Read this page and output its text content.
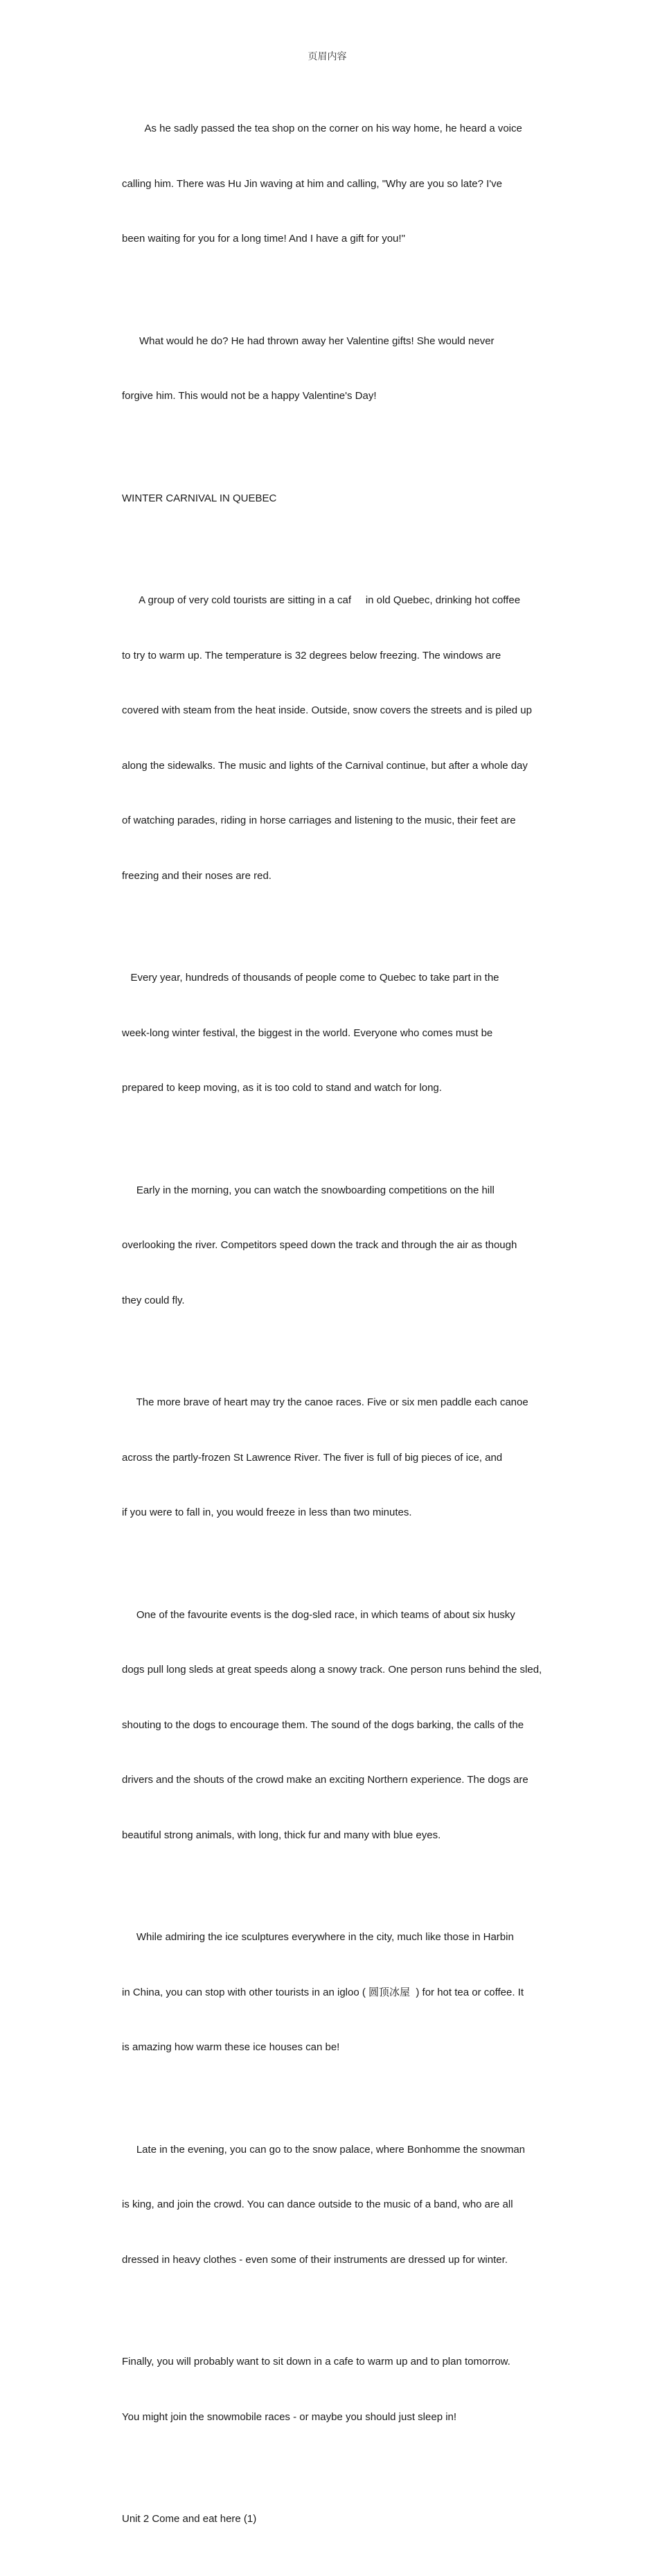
页眉内容

As he sadly passed the tea shop on the corner on his way home, he heard a voice

calling him. There was Hu Jin waving at him and calling, "Why are you so late? I've

been waiting for you for a long time! And I have a gift for you!"

What would he do? He had thrown away her Valentine gifts! She would never

forgive him. This would not be a happy Valentine's Day!

WINTER CARNIVAL IN QUEBEC

A group of very cold tourists are sitting in a caf     in old Quebec, drinking hot coffee

to try to warm up. The temperature is 32 degrees below freezing. The windows are

covered with steam from the heat inside. Outside, snow covers the streets and is piled up

along the sidewalks. The music and lights of the Carnival continue, but after a whole day

of watching parades, riding in horse carriages and listening to the music, their feet are

freezing and their noses are red.

Every year, hundreds of thousands of people come to Quebec to take part in the

week-long winter festival, the biggest in the world. Everyone who comes must be

prepared to keep moving, as it is too cold to stand and watch for long.

Early in the morning, you can watch the snowboarding competitions on the hill

overlooking the river. Competitors speed down the track and through the air as though

they could fly.

The more brave of heart may try the canoe races. Five or six men paddle each canoe

across the partly-frozen St Lawrence River. The fiver is full of big pieces of ice, and

if you were to fall in, you would freeze in less than two minutes.

One of the favourite events is the dog-sled race, in which teams of about six husky

dogs pull long sleds at great speeds along a snowy track. One person runs behind the sled,

shouting to the dogs to encourage them. The sound of the dogs barking, the calls of the

drivers and the shouts of the crowd make an exciting Northern experience. The dogs are

beautiful strong animals, with long, thick fur and many with blue eyes.

While admiring the ice sculptures everywhere in the city, much like those in Harbin

in China, you can stop with other tourists in an igloo ( 圆顶冰屋  ) for hot tea or coffee. It

is amazing how warm these ice houses can be!

Late in the evening, you can go to the snow palace, where Bonhomme the snowman

is king, and join the crowd. You can dance outside to the music of a band, who are all

dressed in heavy clothes - even some of their instruments are dressed up for winter.

Finally, you will probably want to sit down in a cafe to warm up and to plan tomorrow.

You might join the snowmobile races - or maybe you should just sleep in!

Unit 2 Come and eat here (1)
